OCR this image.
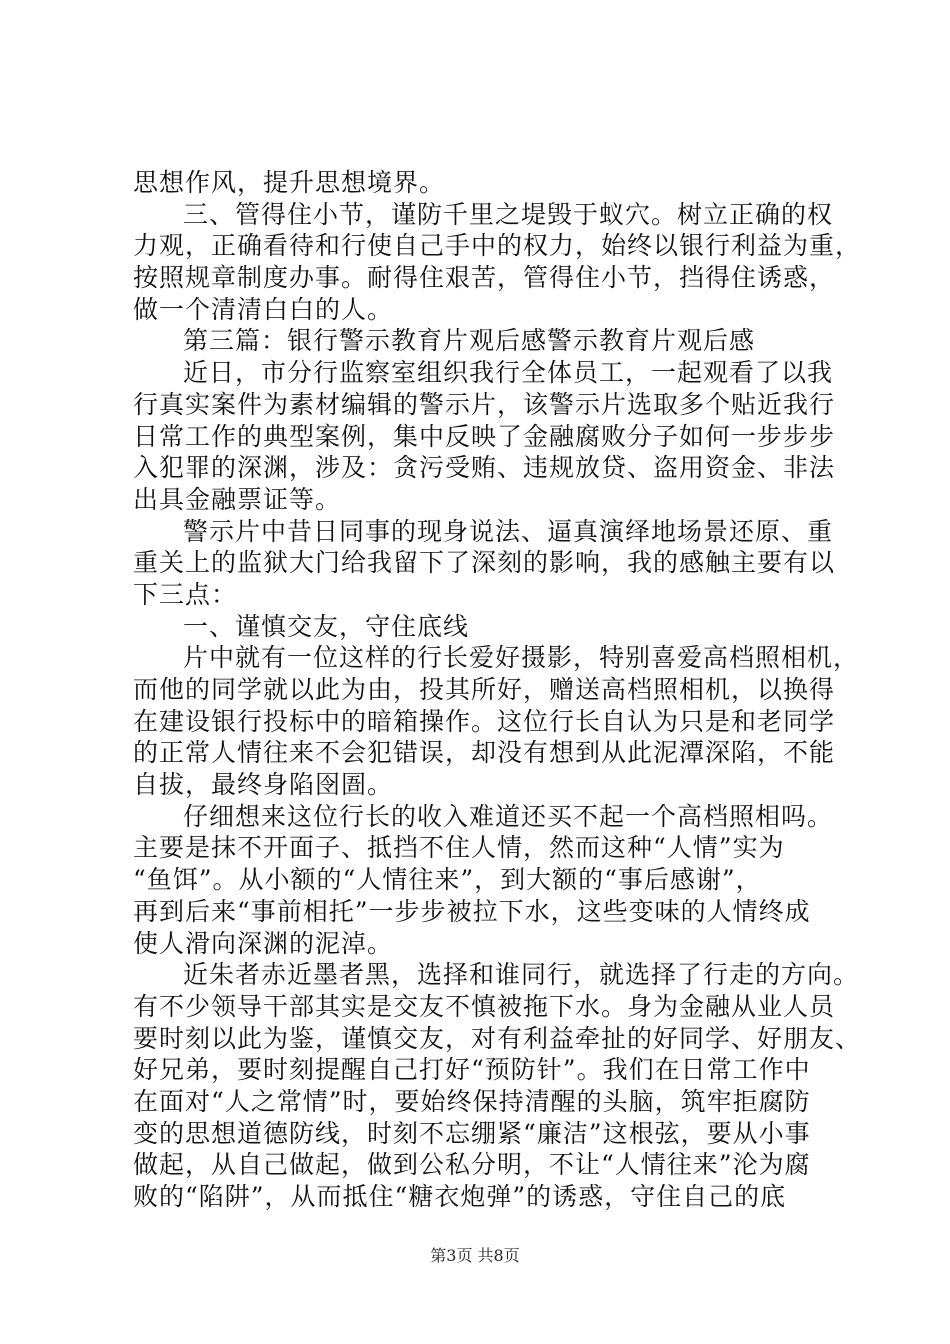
思想作风，提升思想境界。
三、管得住小节，谨防千里之堤毁于蚁穴。树立正确的权
力观，正确看待和行使自己手中的权力，始终以银行利益为重，
按照规章制度办事。耐得住艰苦，管得住小节，挡得住诱惑，
做一个清清白白的人。
第三篇：银行警示教育片观后感警示教育片观后感
近日，市分行监察室组织我行全体员工，一起观看了以我
行真实案件为素材编辑的警示片，该警示片选取多个贴近我行
日常工作的典型案例，集中反映了金融腐败分子如何一步步步
入犯罪的深渊，涉及：贪污受贿、违规放贷、盗用资金、非法
出具金融票证等。
警示片中昔日同事的现身说法、逼真演绎地场景还原、重
重关上的监狱大门给我留下了深刻的影响，我的感触主要有以
下三点：
一、谨慎交友，守住底线
片中就有一位这样的行长爱好摄影，特别喜爱高档照相机，
而他的同学就以此为由，投其所好，赠送高档照相机，以换得
在建设银行投标中的暗箱操作。这位行长自认为只是和老同学
的正常人情往来不会犯错误，却没有想到从此泥潭深陷，不能
自拔，最终身陷囹圄。
仔细想来这位行长的收入难道还买不起一个高档照相吗。
主要是抹不开面子、抵挡不住人情，然而这种“人情”实为
“鱼饵”。从小额的“人情往来”，到大额的“事后感谢”，
再到后来“事前相托”一步步被拉下水，这些变味的人情终成
使人滑向深渊的泥淖。
近朱者赤近墨者黑，选择和谁同行，就选择了行走的方向。
有不少领导干部其实是交友不慎被拖下水。身为金融从业人员
要时刻以此为鉴，谨慎交友，对有利益牵扯的好同学、好朋友、
好兄弟，要时刻提醒自己打好“预防针”。我们在日常工作中
在面对“人之常情”时，要始终保持清醒的头脑，筑牢拒腐防
变的思想道德防线，时刻不忘绷紧“廉洁”这根弦，要从小事
做起，从自己做起，做到公私分明，不让“人情往来”沦为腐
败的“陷阱”，从而抵住“糖衣炮弹”的诱惑，守住自己的底
第3页 共8页
